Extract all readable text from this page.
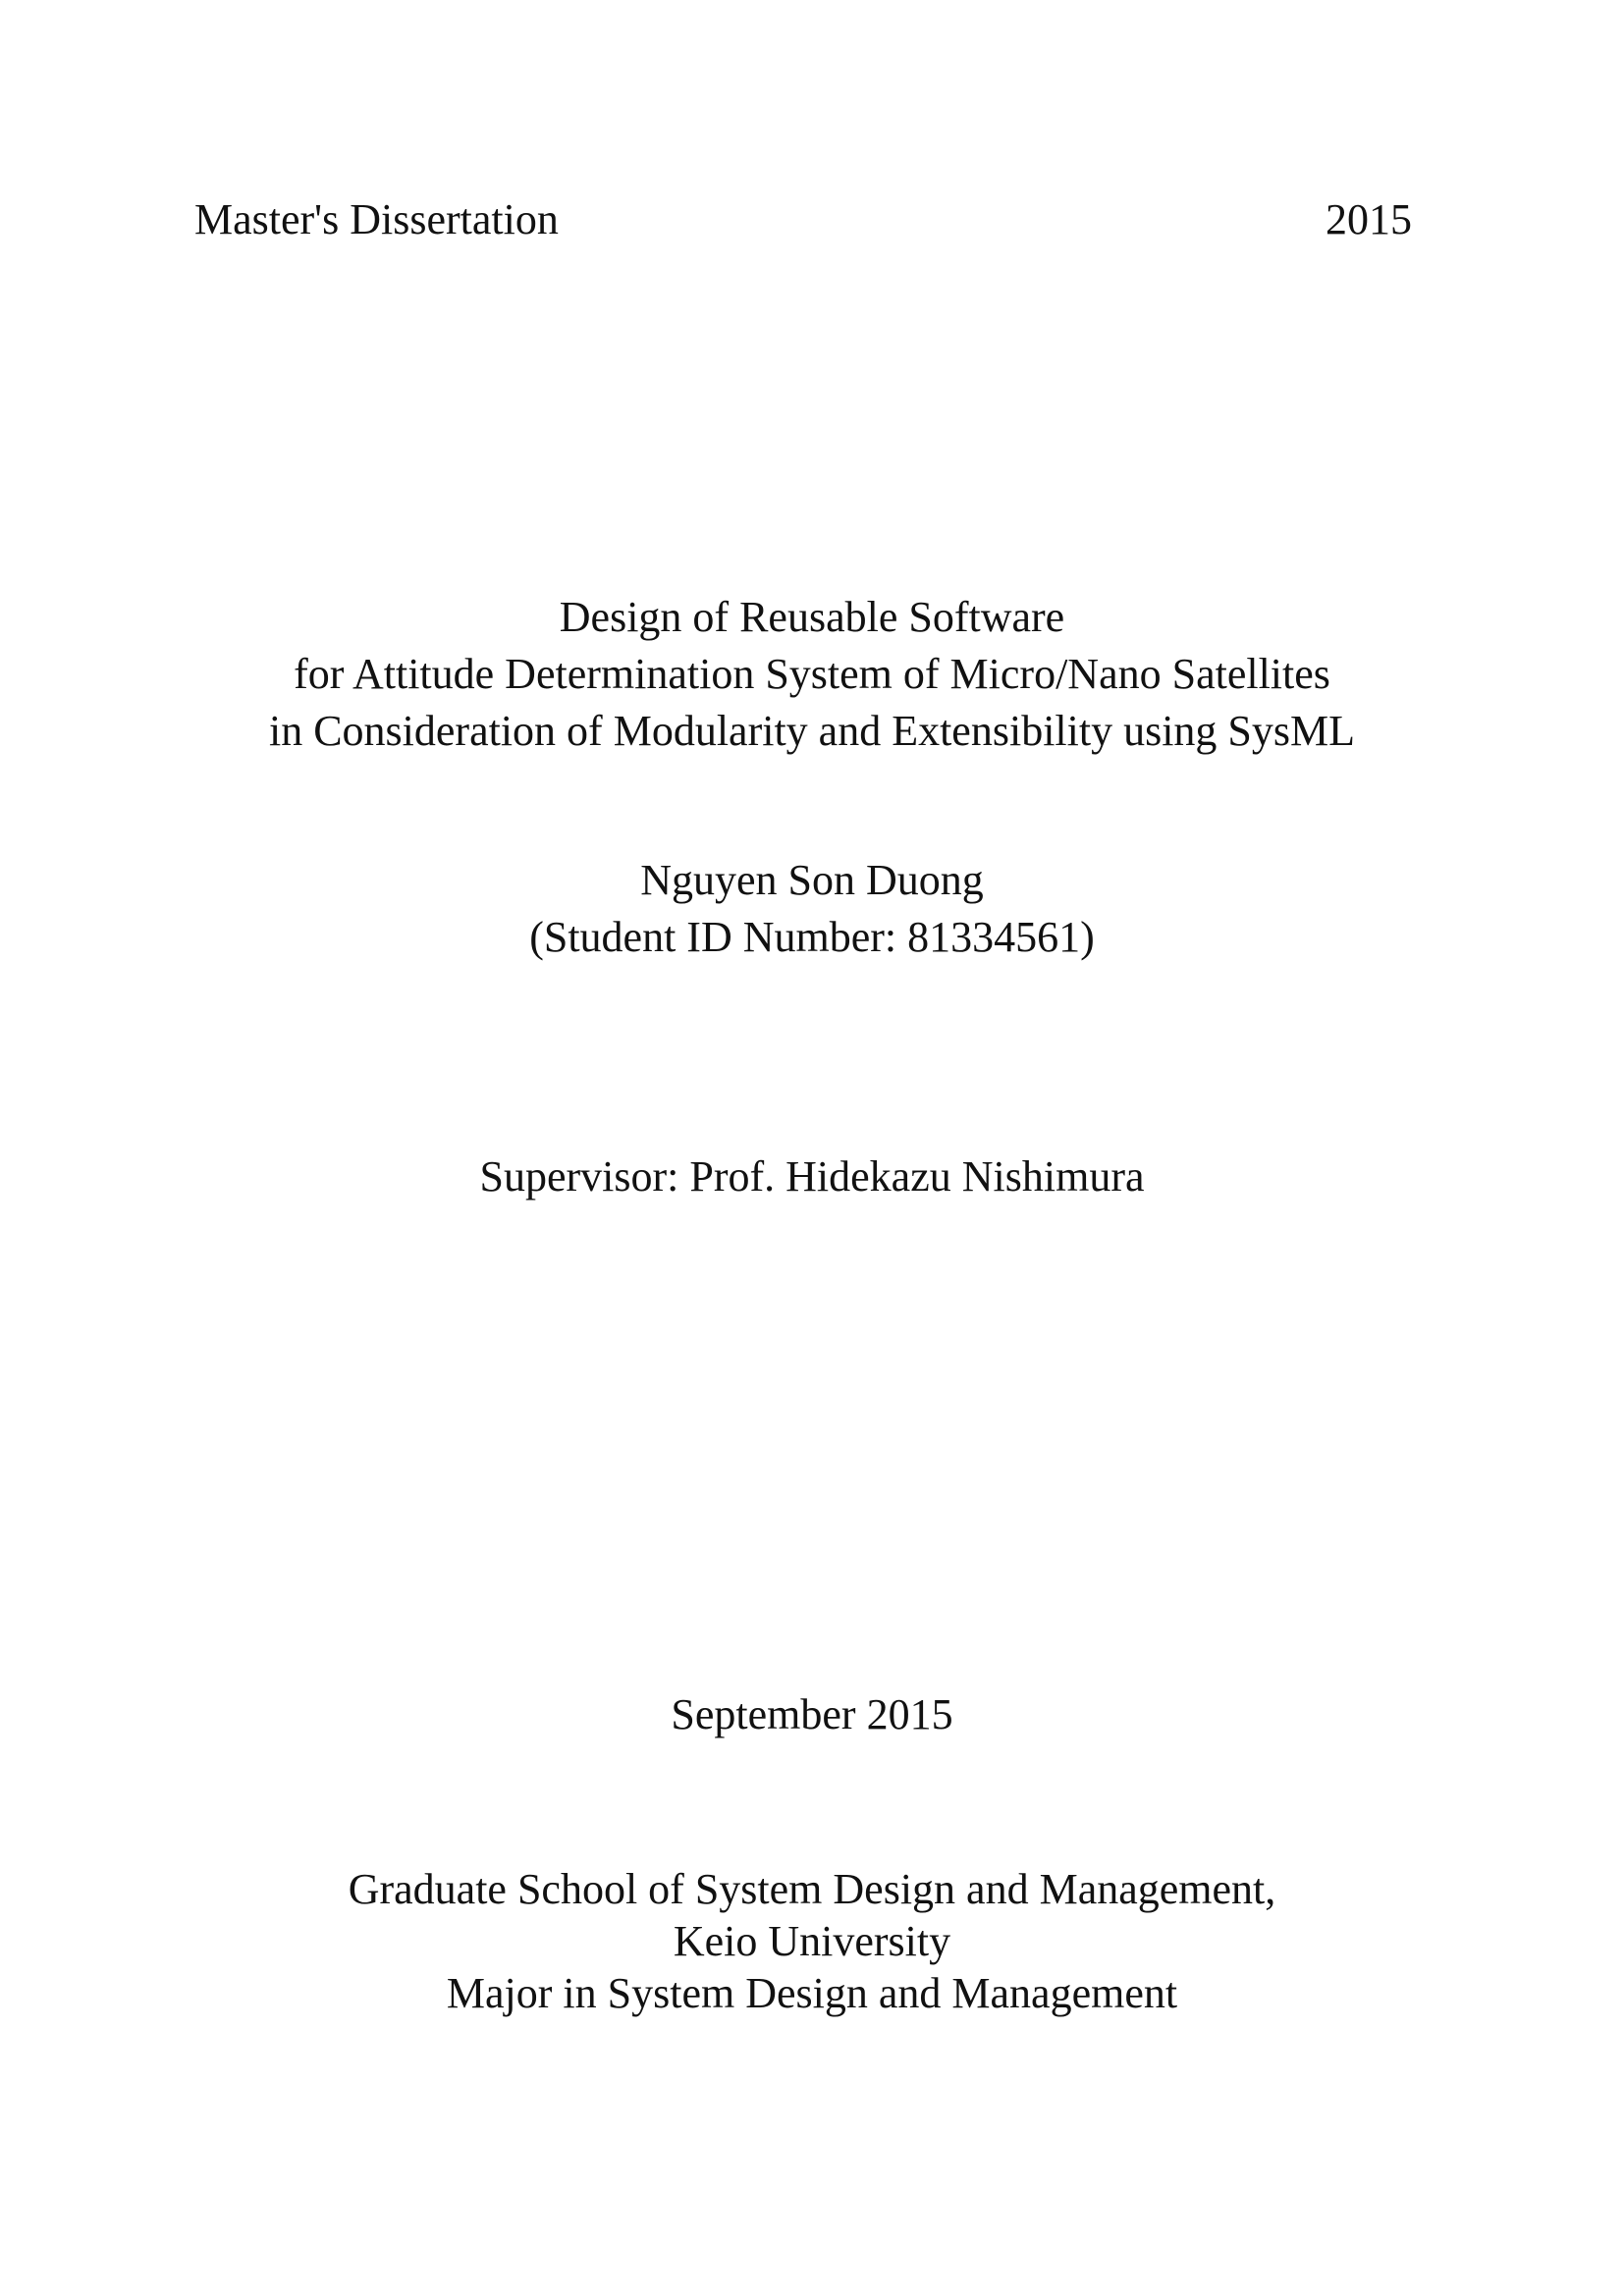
Master's Dissertation	2015
Design of Reusable Software
for Attitude Determination System of Micro/Nano Satellites
in Consideration of Modularity and Extensibility using SysML
Nguyen Son Duong
(Student ID Number: 81334561)
Supervisor: Prof. Hidekazu Nishimura
September 2015
Graduate School of System Design and Management,
Keio University
Major in System Design and Management
